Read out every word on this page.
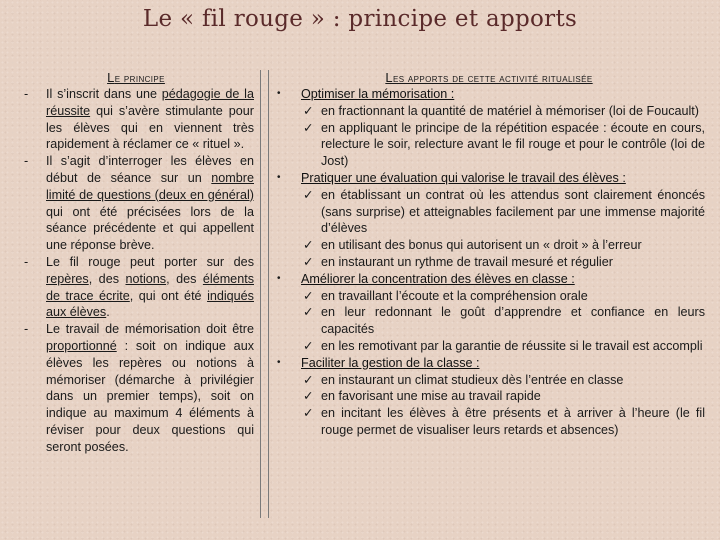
Le « fil rouge » : principe et apports
Le principe
- Il s’inscrit dans une pédagogie de la réussite qui s’avère stimulante pour les élèves qui en viennent très rapidement à réclamer ce « rituel ».
- Il s’agit d’interroger les élèves en début de séance sur un nombre limité de questions (deux en général) qui ont été précisées lors de la séance précédente et qui appellent une réponse brève.
- Le fil rouge peut porter sur des repères, des notions, des éléments de trace écrite, qui ont été indiqués aux élèves.
- Le travail de mémorisation doit être proportionné : soit on indique aux élèves les repères ou notions à mémoriser (démarche à privilégier dans un premier temps), soit on indique au maximum 4 éléments à réviser pour deux questions qui seront posées.
Les apports de cette activité ritualisée
• Optimiser la mémorisation :
✓ en fractionnant la quantité de matériel à mémoriser (loi de Foucault)
✓ en appliquant le principe de la répétition espacée : écoute en cours, relecture le soir, relecture avant le fil rouge et pour le contrôle (loi de Jost)
• Pratiquer une évaluation qui valorise le travail des élèves :
✓ en établissant un contrat où les attendus sont clairement énoncés (sans surprise) et atteignables facilement par une immense majorité d’élèves
✓ en utilisant des bonus qui autorisent un « droit » à l’erreur
✓ en instaurant un rythme de travail mesuré et régulier
• Améliorer la concentration des élèves en classe :
✓ en travaillant l’écoute et la compréhension orale
✓ en leur redonnant le goût d’apprendre et confiance en leurs capacités
✓ en les remotivant par la garantie de réussite si le travail est accompli
• Faciliter la gestion de la classe :
✓ en instaurant un climat studieux dès l’entrée en classe
✓ en favorisant une mise au travail rapide
✓ en incitant les élèves à être présents et à arriver à l’heure (le fil rouge permet de visualiser leurs retards et absences)
